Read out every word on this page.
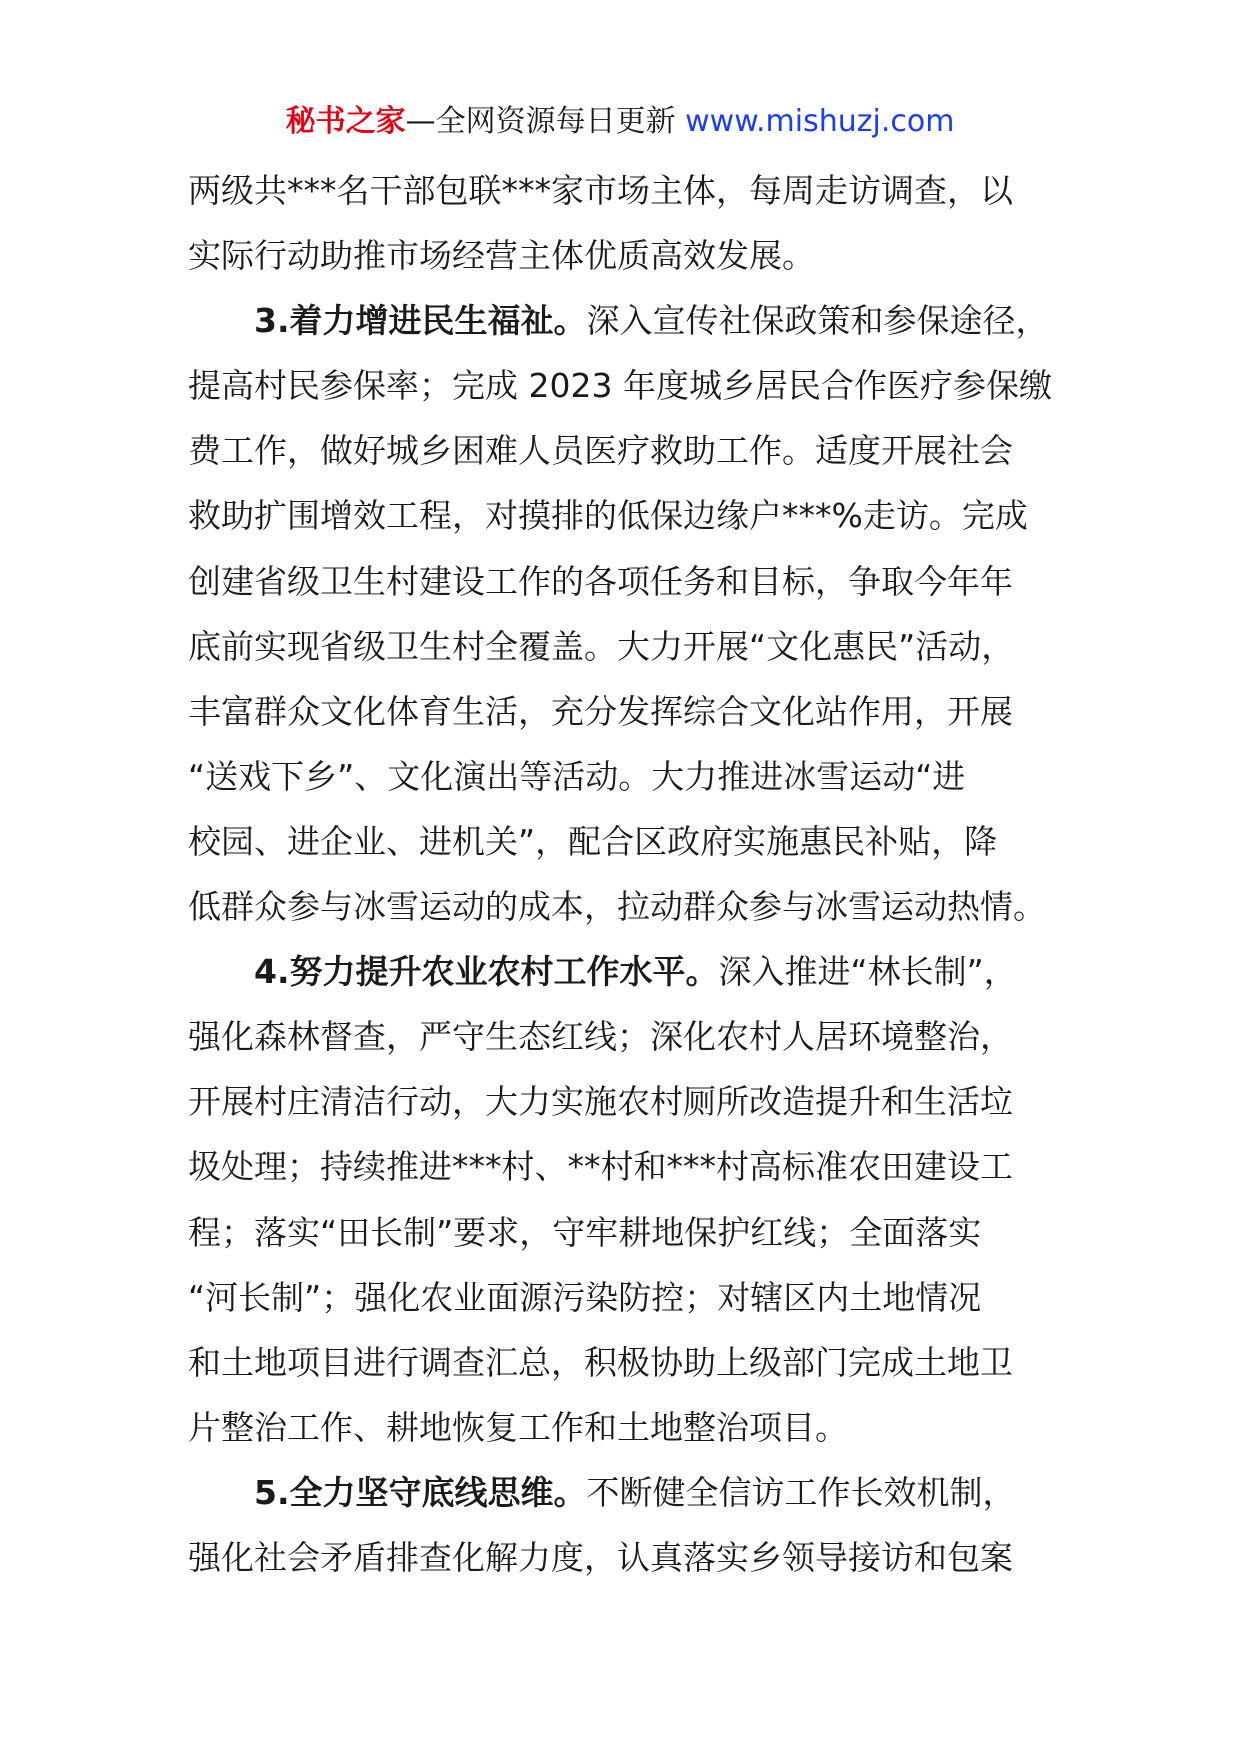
秘书之家—全网资源每日更新 www.mishuzj.com
两级共***名干部包联***家市场主体，每周走访调查，以
实际行动助推市场经营主体优质高效发展。
3.着力增进民生福祉。深入宣传社保政策和参保途径，
提高村民参保率；完成 2023 年度城乡居民合作医疗参保缴
费工作，做好城乡困难人员医疗救助工作。适度开展社会
救助扩围增效工程，对摸排的低保边缘户***%走访。完成
创建省级卫生村建设工作的各项任务和目标，争取今年年
底前实现省级卫生村全覆盖。大力开展“文化惠民”活动，
丰富群众文化体育生活，充分发挥综合文化站作用，开展
“送戏下乡”、文化演出等活动。大力推进冰雪运动“进
校园、进企业、进机关”，配合区政府实施惠民补贴，降
低群众参与冰雪运动的成本，拉动群众参与冰雪运动热情。
4.努力提升农业农村工作水平。深入推进“林长制”，
强化森林督查，严守生态红线；深化农村人居环境整治，
开展村庄清洁行动，大力实施农村厕所改造提升和生活垃
圾处理；持续推进***村、**村和***村高标准农田建设工
程；落实“田长制”要求，守牢耕地保护红线；全面落实
“河长制”；强化农业面源污染防控；对辖区内土地情况
和土地项目进行调查汇总，积极协助上级部门完成土地卫
片整治工作、耕地恢复工作和土地整治项目。
5.全力坚守底线思维。不断健全信访工作长效机制，
强化社会矛盾排查化解力度，认真落实乡领导接访和包案
